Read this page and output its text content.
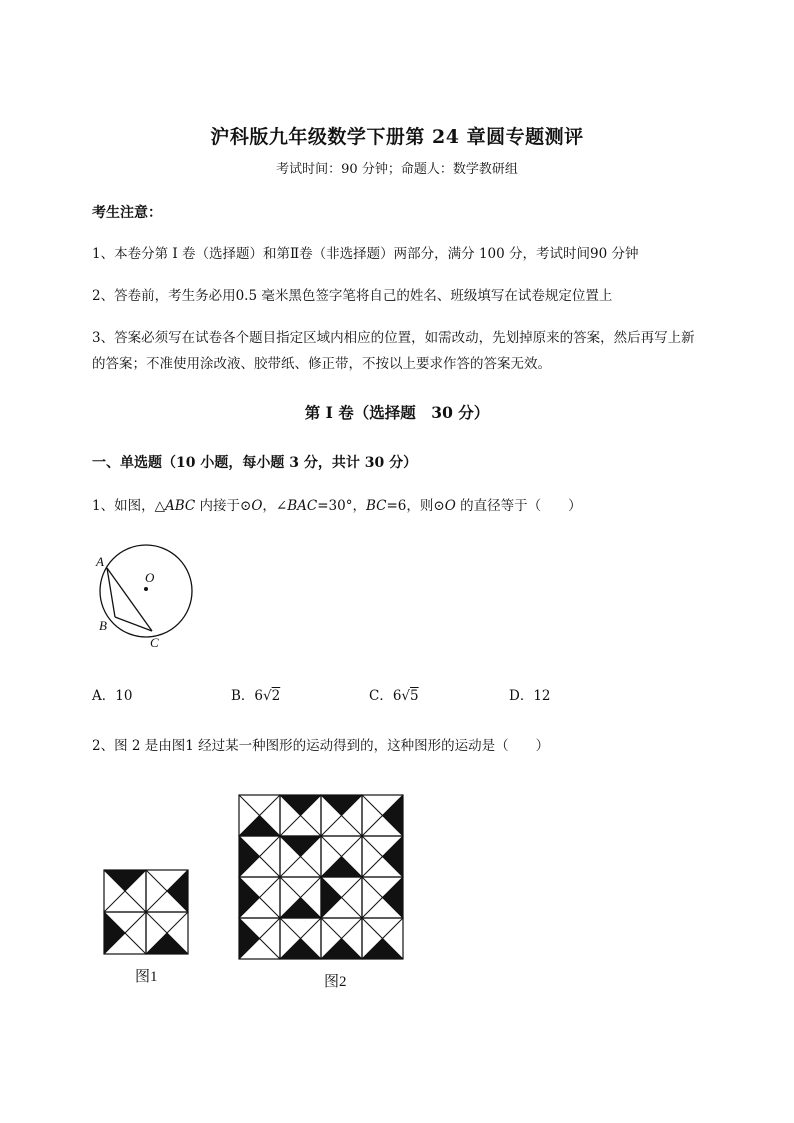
沪科版九年级数学下册第 24 章圆专题测评
考试时间：90 分钟；命题人：数学教研组
考生注意：
1、本卷分第 I 卷（选择题）和第Ⅱ卷（非选择题）两部分，满分 100 分，考试时间90 分钟
2、答卷前，考生务必用0.5 毫米黑色签字笔将自己的姓名、班级填写在试卷规定位置上
3、答案必须写在试卷各个题目指定区域内相应的位置，如需改动，先划掉原来的答案，然后再写上新
的答案；不准使用涂改液、胶带纸、修正带，不按以上要求作答的答案无效。
第 I 卷（选择题　30 分）
一、单选题（10 小题，每小题 3 分，共计 30 分）
1、如图，△ABC 内接于⊙O，∠BAC=30°，BC=6，则⊙O 的直径等于（　　）
A
O
B
C
A．10	B．6√2	C．6√5	D．12
2、图 2 是由图1 经过某一种图形的运动得到的，这种图形的运动是（　　）
图1	图2
